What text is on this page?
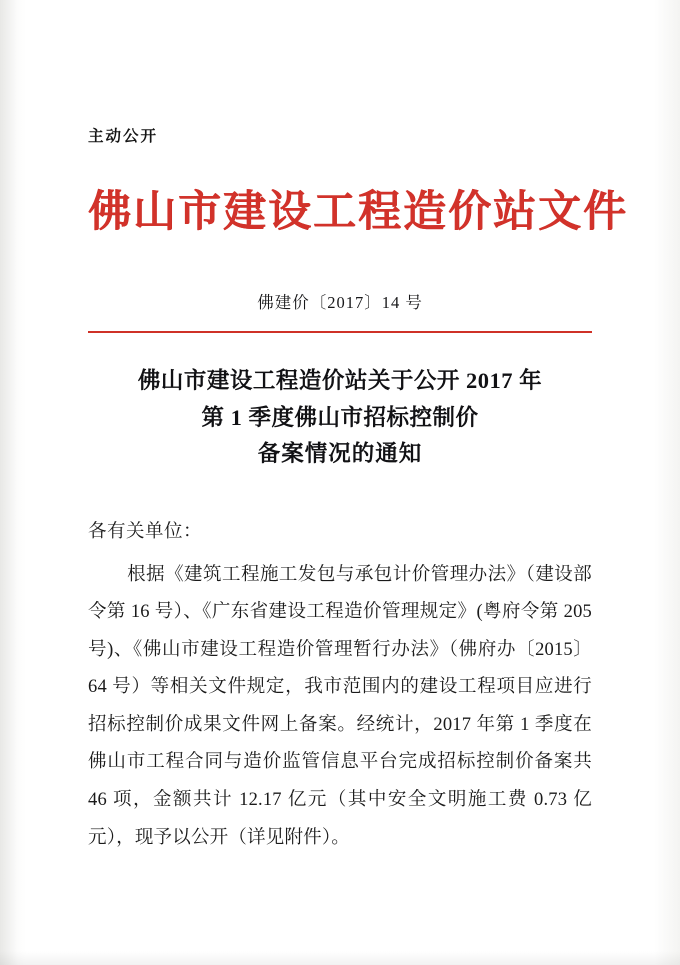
主动公开
佛山市建设工程造价站文件
佛建价〔2017〕14 号
佛山市建设工程造价站关于公开 2017 年
第 1 季度佛山市招标控制价
备案情况的通知
各有关单位：
根据《建筑工程施工发包与承包计价管理办法》（建设部令第 16 号）、《广东省建设工程造价管理规定》(粤府令第 205 号)、《佛山市建设工程造价管理暂行办法》（佛府办〔2015〕64 号）等相关文件规定，我市范围内的建设工程项目应进行招标控制价成果文件网上备案。经统计，2017 年第 1 季度在佛山市工程合同与造价监管信息平台完成招标控制价备案共 46 项，金额共计 12.17 亿元（其中安全文明施工费 0.73 亿元），现予以公开（详见附件）。
